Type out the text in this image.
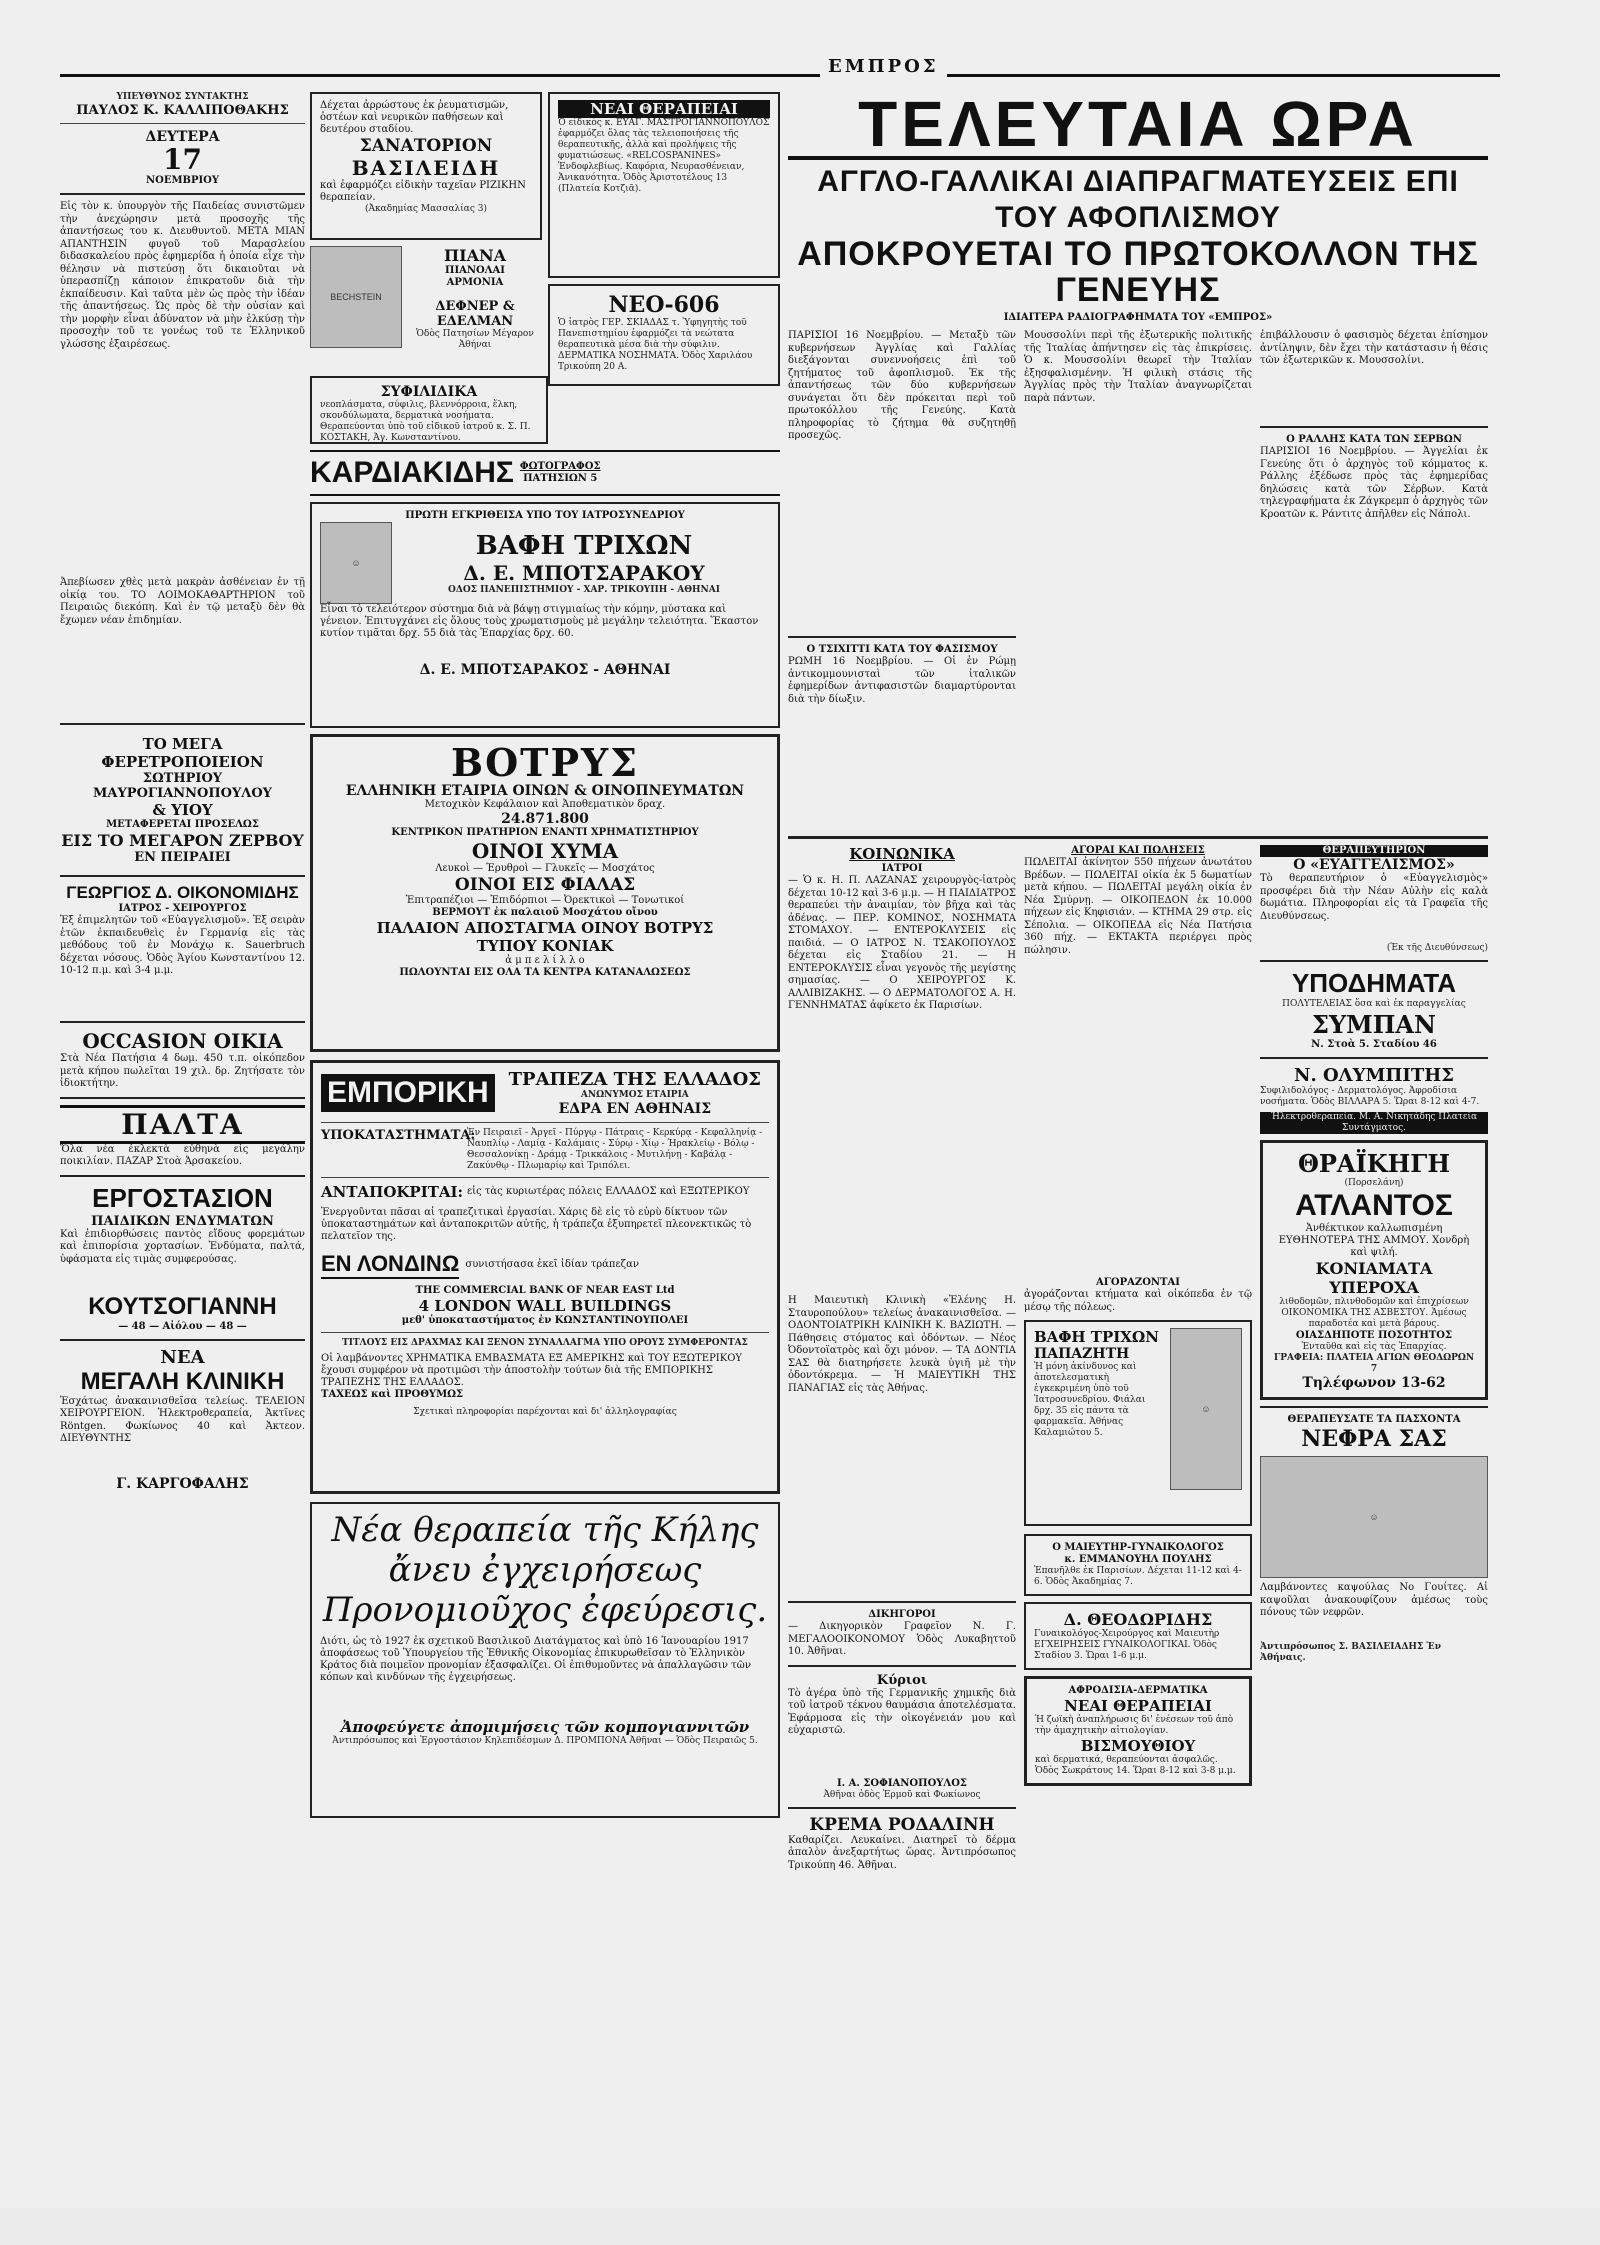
ΕΜΠΡΟΣ
ΥΠΕΥΘΥΝΟΣ ΣΥΝΤΑΚΤΗΣ
ΠΑΥΛΟΣ Κ. ΚΑΛΛΙΠΟΘΑΚΗΣ
ΔΕΥΤΕΡΑ
17
ΝΟΕΜΒΡΙΟΥ
Εἰς τὸν κ. ὑπουργὸν τῆς Παιδείας συνιστῶμεν τὴν ἀνεχώρησιν μετὰ προσοχῆς τῆς ἀπαντήσεως του κ. Διευθυντοῦ. ΜΕΤΑ ΜΙΑΝ ΑΠΑΝΤΗΣΙΝ φυγοῦ τοῦ Μαρασλείου διδασκαλείου πρὸς ἐφημερίδα ἡ ὁποία εἶχε τὴν θέλησιν νὰ πιστεύσῃ ὅτι δικαιοῦται νὰ ὑπερασπίζῃ κάποιον ἐπικρατοῦν διὰ τὴν ἐκπαίδευσιν. Καὶ ταῦτα μὲν ὡς πρὸς τὴν ἰδέαν τῆς ἀπαντήσεως. Ὡς πρὸς δὲ τὴν οὐσίαν καὶ τὴν μορφὴν εἶναι ἀδύνατον νὰ μὴν ἑλκύσῃ τὴν προσοχὴν τοῦ τε γονέως τοῦ τε Ἑλληνικοῦ γλώσσης ἐξαιρέσεως.
Ἀπεβίωσεν χθὲς μετὰ μακρὰν ἀσθένειαν ἐν τῇ οἰκίᾳ του. ΤΟ ΛΟΙΜΟΚΑΘΑΡΤΗΡΙΟΝ τοῦ Πειραιῶς διεκόπη. Καὶ ἐν τῷ μεταξὺ δὲν θὰ ἔχωμεν νέαν ἐπιδημίαν.
ΤΟ ΜΕΓΑ ΦΕΡΕΤΡΟΠΟΙΕΙΟΝ
ΣΩΤΗΡΙΟΥ ΜΑΥΡΟΓΙΑΝΝΟΠΟΥΛΟΥ
& ΥΙΟΥ
ΜΕΤΑΦΕΡΕΤΑΙ ΠΡΟΣΕΛΩΣ
ΕΙΣ ΤΟ ΜΕΓΑΡΟΝ ΖΕΡΒΟΥ
ΕΝ ΠΕΙΡΑΙΕΙ
ΓΕΩΡΓΙΟΣ Δ. ΟΙΚΟΝΟΜΙΔΗΣ
ΙΑΤΡΟΣ - ΧΕΙΡΟΥΡΓΟΣ
Ἐξ ἐπιμελητῶν τοῦ «Εὐαγγελισμοῦ». Ἐξ σειρὰν ἐτῶν ἐκπαιδευθεὶς ἐν Γερμανίᾳ εἰς τὰς μεθόδους τοῦ ἐν Μονάχῳ κ. Sauerbruch δέχεται νόσους. Ὁδὸς Ἁγίου Κωνσταντίνου 12. 10-12 π.μ. καὶ 3-4 μ.μ.
OCCASION ΟΙΚΙΑ
Στὰ Νέα Πατήσια 4 δωμ. 450 τ.π. οἰκόπεδον μετὰ κήπου πωλεῖται 19 χιλ. δρ. Ζητήσατε τὸν ἰδιοκτήτην.
ΠΑΛΤΑ
Ὅλα νέα ἐκλεκτὰ εὐθηνὰ εἰς μεγάλην ποικιλίαν. ΠΑΖΑΡ Στοὰ Ἀρσακείου.
ΕΡΓΟΣΤΑΣΙΟΝ
ΠΑΙΔΙΚΩΝ ΕΝΔΥΜΑΤΩΝ
Καὶ ἐπιδιορθώσεις παντὸς εἴδους φορεμάτων καὶ ἐπιπορίσια χορτασίων. Ἐνδύματα, παλτά, ὑφάσματα εἰς τιμὰς συμφερούσας.
ΚΟΥΤΣΟΓΙΑΝΝΗ
— 48 — Αἰόλου — 48 —
ΝΕΑ
ΜΕΓΑΛΗ ΚΛΙΝΙΚΗ
Ἐσχάτως ἀνακαινισθεῖσα τελείως. ΤΕΛΕΙΟΝ ΧΕΙΡΟΥΡΓΕΙΟΝ. Ἡλεκτροθεραπεία, Ἀκτῖνες Röntgen. Φωκίωνος 40 καὶ Ἀκτεον. ΔΙΕΥΘΥΝΤΗΣ
Γ. ΚΑΡΓΟΦΑΛΗΣ
Δέχεται ἀρρώστους ἐκ ῥευματισμῶν, ὀστέων καὶ νευρικῶν παθήσεων καὶ δευτέρου σταδίου.
ΣΑΝΑΤΟΡΙΟΝ
ΒΑΣΙΛΕΙΔΗ
καὶ ἐφαρμόζει εἰδικὴν ταχεῖαν ΡΙΖΙΚΗΝ θεραπείαν.
(Ἀκαδημίας Μασσαλίας 3)
BECHSTEIN
ΠΙΑΝΑ
ΠΙΑΝΟΛΑΙ
ΑΡΜΟΝΙΑ
ΔΕΦΝΕΡ & ΕΔΕΛΜΑΝ
Ὁδὸς Πατησίων Μέγαρον Ἀθήναι
ΝΕΑΙ ΘΕΡΑΠΕΙΑΙ
Ὁ εἰδικὸς κ. ΕΥΑΓ. ΜΑΣΤΡΟΓΙΑΝΝΟΠΟΥΛΟΣ ἐφαρμόζει ὅλας τὰς τελειοποιήσεις τῆς θεραπευτικῆς, ἀλλὰ καὶ προλήψεις τῆς φυματιώσεως. «RELCOSPANINES» Ἐνδοφλεβίως. Καφόρια, Νευρασθένειαν, Ἀνικανότητα. Ὁδὸς Ἀριστοτέλους 13 (Πλατεία Κοτζιᾶ).
ΝΕΟ-606
Ὁ ἰατρὸς ΓΕΡ. ΣΚΙΑΔΑΣ τ. Ὑφηγητὴς τοῦ Πανεπιστημίου ἐφαρμόζει τὰ νεώτατα θεραπευτικὰ μέσα διὰ τὴν σύφιλιν. ΔΕΡΜΑΤΙΚΑ ΝΟΣΗΜΑΤΑ. Ὁδὸς Χαριλάου Τρικούπη 20 Α.
ΣΥΦΙΛΙΔΙΚΑ
νεοπλάσματα, σύφιλις, βλεννόρροια, ἕλκη, σκονδύλωματα, δερματικὰ νοσήματα. Θεραπεύονται ὑπὸ τοῦ εἰδικοῦ ἰατροῦ κ. Σ. Π. ΚΟΣΤΑΚΗ, Ἀγ. Κωνσταντίνου.
ΚΑΡΔΙΑΚΙΔΗΣ ΦΩΤΟΓΡΑΦΟΣ
ΠΑΤΗΣΙΩΝ 5
ΠΡΩΤΗ ΕΓΚΡΙΘΕΙΣΑ ΥΠΟ ΤΟΥ ΙΑΤΡΟΣΥΝΕΔΡΙΟΥ
☺
ΒΑΦΗ ΤΡΙΧΩΝ
Δ. Ε. ΜΠΟΤΣΑΡΑΚΟΥ
ΟΔΟΣ ΠΑΝΕΠΙΣΤΗΜΙΟΥ - ΧΑΡ. ΤΡΙΚΟΥΠΗ - ΑΘΗΝΑΙ
Εἶναι τὸ τελειότερον σύστημα διὰ νὰ βάψῃ στιγμιαίως τὴν κόμην, μύστακα καὶ γένειον. Ἐπιτυγχάνει εἰς ὅλους τοὺς χρωματισμοὺς μὲ μεγάλην τελειότητα. Ἕκαστον κυτίον τιμᾶται δρχ. 55 διὰ τὰς Ἐπαρχίας δρχ. 60.
Δ. Ε. ΜΠΟΤΣΑΡΑΚΟΣ - ΑΘΗΝΑΙ
ΒΟΤΡΥΣ
ΕΛΛΗΝΙΚΗ ΕΤΑΙΡΙΑ ΟΙΝΩΝ & ΟΙΝΟΠΝΕΥΜΑΤΩΝ
Μετοχικὸν Κεφάλαιον καὶ Ἀποθεματικὸν δραχ.
24.871.800
ΚΕΝΤΡΙΚΟΝ ΠΡΑΤΗΡΙΟΝ ΕΝΑΝΤΙ ΧΡΗΜΑΤΙΣΤΗΡΙΟΥ
ΟΙΝΟΙ ΧΥΜΑ
Λευκοὶ — Ἐρυθροὶ — Γλυκεῖς — Μοσχάτος
ΟΙΝΟΙ ΕΙΣ ΦΙΑΛΑΣ
Ἐπιτραπέζιοι — Ἐπιδόρπιοι — Ὀρεκτικοὶ — Τονωτικοί
ΒΕΡΜΟΥΤ ἐκ παλαιοῦ Μοσχάτου οἴνου
ΠΑΛΑΙΟΝ ΑΠΟΣΤΑΓΜΑ ΟΙΝΟΥ ΒΟΤΡΥΣ
ΤΥΠΟΥ ΚΟΝΙΑΚ
ἀ μ π ε λ ί λ λ ο
ΠΩΛΟΥΝΤΑΙ ΕΙΣ ΟΛΑ ΤΑ ΚΕΝΤΡΑ ΚΑΤΑΝΑΛΩΣΕΩΣ
ΕΜΠΟΡΙΚΗ	ΤΡΑΠΕΖΑ ΤΗΣ ΕΛΛΑΔΟΣ
ΑΝΩΝΥΜΟΣ ΕΤΑΙΡΙΑ
ΕΔΡΑ ΕΝ ΑΘΗΝΑΙΣ
ΥΠΟΚΑΤΑΣΤΗΜΑΤΑ:
Ἐν Πειραιεῖ - Ἀργεῖ - Πύργῳ - Πάτραις - Κερκύρᾳ - Κεφαλληνίᾳ - Ναυπλίῳ - Λαμίᾳ - Καλάμαις - Σύρῳ - Χίῳ - Ἡρακλείῳ - Βόλῳ - Θεσσαλονίκῃ - Δράμᾳ - Τρικκάλοις - Μυτιλήνῃ - Καβάλᾳ - Ζακύνθῳ - Πλωμαρίῳ καὶ Τριπόλει.
ΑΝΤΑΠΟΚΡΙΤΑΙ: εἰς τὰς κυριωτέρας πόλεις ΕΛΛΑΔΟΣ καὶ ΕΞΩΤΕΡΙΚΟΥ
Ἐνεργοῦνται πᾶσαι αἱ τραπεζιτικαὶ ἐργασίαι. Χάρις δὲ εἰς τὸ εὐρὺ δίκτυον τῶν ὑποκαταστημάτων καὶ ἀνταποκριτῶν αὐτῆς, ἡ τράπεζα ἐξυπηρετεῖ πλεονεκτικῶς τὸ πελατεῖον της.
ΕΝ ΛΟΝΔΙΝΩ συνιστήσασα ἐκεῖ ἰδίαν τράπεζαν
THE COMMERCIAL BANK OF NEAR EAST Ltd
4 LONDON WALL BUILDINGS
μεθ' ὑποκαταστήματος ἐν ΚΩΝΣΤΑΝΤΙΝΟΥΠΟΛΕΙ
ΤΙΤΛΟΥΣ ΕΙΣ ΔΡΑΧΜΑΣ ΚΑΙ ΞΕΝΟΝ ΣΥΝΑΛΛΑΓΜΑ ΥΠΟ ΟΡΟΥΣ ΣΥΜΦΕΡΟΝΤΑΣ
Οἱ λαμβάνοντες ΧΡΗΜΑΤΙΚΑ ΕΜΒΑΣΜΑΤΑ ΕΞ ΑΜΕΡΙΚΗΣ καὶ ΤΟΥ ΕΞΩΤΕΡΙΚΟΥ ἔχουσι συμφέρον νὰ προτιμῶσι τὴν ἀποστολὴν τούτων διὰ τῆς ΕΜΠΟΡΙΚΗΣ ΤΡΑΠΕΖΗΣ ΤΗΣ ΕΛΛΑΔΟΣ.
ΤΑΧΕΩΣ καὶ ΠΡΟΘΥΜΩΣ
Σχετικαὶ πληροφορίαι παρέχονται καὶ δι' ἀλληλογραφίας
Νέα θεραπεία τῆς Κήλης
ἄνευ ἐγχειρήσεως
Προνομιοῦχος ἐφεύρεσις.
Διότι, ὡς τὸ 1927 ἐκ σχετικοῦ Βασιλικοῦ Διατάγματος καὶ ὑπὸ 16 Ἰανουαρίου 1917 ἀποφάσεως τοῦ Ὑπουργείου τῆς Ἐθνικῆς Οἰκονομίας ἐπικυρωθεῖσαν τὸ Ἑλληνικὸν Κράτος διὰ ποιμεῖον προνομίαν ἐξασφαλίζει. Οἱ ἐπιθυμοῦντες νὰ ἀπαλλαγῶσιν τῶν κόπων καὶ κινδύνων τῆς ἐγχειρήσεως.
Ἀποφεύγετε ἀπομιμήσεις τῶν κομπογιαννιτῶν
Ἀντιπρόσωπος καὶ Ἐργοστάσιον Κηλεπιδέσμων Δ. ΠΡΟΜΠΟΝΑ Ἀθῆναι — Ὁδὸς Πειραιῶς 5.
ΤΕΛΕΥΤΑΙΑ ΩΡΑ
ΑΓΓΛΟ-ΓΑΛΛΙΚΑΙ ΔΙΑΠΡΑΓΜΑΤΕΥΣΕΙΣ ΕΠΙ ΤΟΥ ΑΦΟΠΛΙΣΜΟΥ
ΑΠΟΚΡΟΥΕΤΑΙ ΤΟ ΠΡΩΤΟΚΟΛΛΟΝ ΤΗΣ ΓΕΝΕΥΗΣ
ΙΔΙΑΙΤΕΡΑ ΡΑΔΙΟΓΡΑΦΗΜΑΤΑ ΤΟΥ «ΕΜΠΡΟΣ»
ΠΑΡΙΣΙΟΙ 16 Νοεμβρίου. — Μεταξὺ τῶν κυβερνήσεων Ἀγγλίας καὶ Γαλλίας διεξάγονται συνεννοήσεις ἐπὶ τοῦ ζητήματος τοῦ ἀφοπλισμοῦ. Ἐκ τῆς ἀπαντήσεως τῶν δύο κυβερνήσεων συνάγεται ὅτι δὲν πρόκειται περὶ τοῦ πρωτοκόλλου τῆς Γενεύης. Κατὰ πληροφορίας τὸ ζήτημα θὰ συζητηθῇ προσεχῶς.
Ο ΤΣΙΧΙΤΤΙ ΚΑΤΑ ΤΟΥ ΦΑΣΙΣΜΟΥ
ΡΩΜΗ 16 Νοεμβρίου. — Οἱ ἐν Ρώμῃ ἀντικομμουνισταὶ τῶν ἰταλικῶν ἐφημερίδων ἀντιφασιστῶν διαμαρτύρονται διὰ τὴν δίωξιν.
Μουσσολίνι περὶ τῆς ἐξωτερικῆς πολιτικῆς τῆς Ἰταλίας ἀπήντησεν εἰς τὰς ἐπικρίσεις. Ὁ κ. Μουσσολίνι θεωρεῖ τὴν Ἰταλίαν ἐξησφαλισμένην. Ἡ φιλικὴ στάσις τῆς Ἀγγλίας πρὸς τὴν Ἰταλίαν ἀναγνωρίζεται παρὰ πάντων.
ἐπιβάλλουσιν ὁ φασισμὸς δέχεται ἐπίσημον ἀντίληψιν, δὲν ἔχει τὴν κατάστασιν ἡ θέσις τῶν ἐξωτερικῶν κ. Μουσσολίνι.
Ο ΡΑΛΛΗΣ ΚΑΤΑ ΤΩΝ ΣΕΡΒΩΝ
ΠΑΡΙΣΙΟΙ 16 Νοεμβρίου. — Ἀγγελίαι ἐκ Γενεύης ὅτι ὁ ἀρχηγὸς τοῦ κόμματος κ. Ράλλης ἐξέδωσε πρὸς τὰς ἐφημερίδας δηλώσεις κατὰ τῶν Σέρβων. Κατὰ τηλεγραφήματα ἐκ Ζάγκρεμπ ὁ ἀρχηγὸς τῶν Κροατῶν κ. Ράντιτς ἀπῆλθεν εἰς Νάπολι.
ΚΟΙΝΩΝΙΚΑ
ΙΑΤΡΟΙ
— Ὁ κ. Η. Π. ΛΑΖΑΝΑΣ χειρουργὸς-ἰατρὸς δέχεται 10-12 καὶ 3-6 μ.μ. — Η ΠΑΙΔΙΑΤΡΟΣ θεραπεύει τὴν ἀναιμίαν, τὸν βῆχα καὶ τὰς ἀδένας. — ΠΕΡ. ΚΟΜΙΝΟΣ, ΝΟΣΗΜΑΤΑ ΣΤΟΜΑΧΟΥ. — ΕΝΤΕΡΟΚΛΥΣΕΙΣ εἰς παιδιά. — Ο ΙΑΤΡΟΣ Ν. ΤΣΑΚΟΠΟΥΛΟΣ δέχεται εἰς Σταδίου 21. — Η ΕΝΤΕΡΟΚΛΥΣΙΣ εἶναι γεγονὸς τῆς μεγίστης σημασίας. — Ο ΧΕΙΡΟΥΡΓΟΣ Κ. ΑΛΛΙΒΙΖΑΚΗΣ. — Ο ΔΕΡΜΑΤΟΛΟΓΟΣ Α. Η. ΓΕΝΝΗΜΑΤΑΣ ἀφίκετο ἐκ Παρισίων.
Η Μαιευτικὴ Κλινικὴ «Ἐλένης Η. Σταυροπούλου» τελείως ἀνακαινισθεῖσα. — ΟΔΟΝΤΟΙΑΤΡΙΚΗ ΚΛΙΝΙΚΗ Κ. ΒΑΖΙΩΤΗ. — Πάθησεις στόματος καὶ ὀδόντων. — Νέος Ὀδοντοϊατρὸς καὶ ὄχι μόνον. — ΤΑ ΔΟΝΤΙΑ ΣΑΣ θὰ διατηρήσετε λευκὰ ὑγιῆ μὲ τὴν ὀδοντόκρεμα. — Ἡ ΜΑΙΕΥΤΙΚΗ ΤΗΣ ΠΑΝΑΓΙΑΣ εἰς τὰς Ἀθήνας.
ΔΙΚΗΓΟΡΟΙ
— Δικηγορικὸν Γραφεῖον Ν. Γ. ΜΕΓΑΛΟΟΙΚΟΝΟΜΟΥ Ὁδὸς Λυκαβηττοῦ 10. Ἀθῆναι.
Κύριοι
Τὸ ἀγέρα ὑπὸ τῆς Γερμανικῆς χημικῆς διὰ τοῦ ἰατροῦ τέκνου θαυμάσια ἀποτελέσματα. Ἐφάρμοσα εἰς τὴν οἰκογένειάν μου καὶ εὐχαριστῶ.
Ι. Α. ΣΟΦΙΑΝΟΠΟΥΛΟΣ
Ἀθῆναι ὁδὸς Ἑρμοῦ καὶ Φωκίωνος
ΚΡΕΜΑ ΡΟΔΑΛΙΝΗ
Καθαρίζει. Λευκαίνει. Διατηρεῖ τὸ δέρμα ἁπαλὸν ἀνεξαρτήτως ὥρας. Ἀντιπρόσωπος Τρικούπη 46. Ἀθῆναι.
ΑΓΟΡΑΙ ΚΑΙ ΠΩΛΗΣΕΙΣ
ΠΩΛΕΙΤΑΙ ἀκίνητον 550 πήχεων ἀνωτάτου Βρέδων. — ΠΩΛΕΙΤΑΙ οἰκία ἐκ 5 δωματίων μετὰ κήπου. — ΠΩΛΕΙΤΑΙ μεγάλη οἰκία ἐν Νέα Σμύρνῃ. — ΟΙΚΟΠΕΔΟΝ ἐκ 10.000 πήχεων εἰς Κηφισιάν. — ΚΤΗΜΑ 29 στρ. εἰς Σέπολια. — ΟΙΚΟΠΕΔΑ εἰς Νέα Πατήσια 360 πήχ. — ΕΚΤΑΚΤΑ περιέργει πρὸς πώλησιν.
ΑΓΟΡΑΖΟΝΤΑΙ
ἀγοράζονται κτήματα καὶ οἰκόπεδα ἐν τῷ μέσῳ τῆς πόλεως.
ΒΑΦΗ ΤΡΙΧΩΝ
ΠΑΠΑΖΗΤΗ
Ἡ μόνη ἀκίνδυνος καὶ ἀποτελεσματικὴ ἐγκεκριμένη ὑπὸ τοῦ Ἰατροσυνεδρίου. Φιάλαι δρχ. 35 εἰς πάντα τὰ φαρμακεῖα. Ἀθήνας Καλαμιώτου 5.
☺
Ο ΜΑΙΕΥΤΗΡ-ΓΥΝΑΙΚΟΛΟΓΟΣ
κ. ΕΜΜΑΝΟΥΗΛ ΠΟΥΛΗΣ
Ἐπανῆλθε ἐκ Παρισίων. Δέχεται 11-12 καὶ 4-6. Ὁδὸς Ἀκαδημίας 7.
Δ. ΘΕΟΔΩΡΙΔΗΣ
Γυναικολόγος-Χειρούργος καὶ Μαιευτὴρ ΕΓΧΕΙΡΗΣΕΙΣ ΓΥΝΑΙΚΟΛΟΓΙΚΑΙ. Ὁδὸς Σταδίου 3. Ὥραι 1-6 μ.μ.
ΑΦΡΟΔΙΣΙΑ-ΔΕΡΜΑΤΙΚΑ
ΝΕΑΙ ΘΕΡΑΠΕΙΑΙ
Ἡ ζωϊκὴ ἀναπλήρωσις δι' ἐνέσεων τοῦ ἀπὸ τὴν ἀμαχητικὴν αἰτιολογίαν.
ΒΙΣΜΟΥΘΙΟΥ
καὶ δερματικά, θεραπεύονται ἀσφαλῶς. Ὁδὸς Σωκράτους 14. Ὥραι 8-12 καὶ 3-8 μ.μ.
ΘΕΡΑΠΕΥΤΗΡΙΟΝ
Ο «ΕΥΑΓΓΕΛΙΣΜΟΣ»
Τὸ θεραπευτήριον ὁ «Εὐαγγελισμὸς» προσφέρει διὰ τὴν Νέαν Αὐλὴν εἰς καλὰ δωμάτια. Πληροφορίαι εἰς τὰ Γραφεῖα τῆς Διευθύνσεως.
(Ἐκ τῆς Διευθύνσεως)
ΥΠΟΔΗΜΑΤΑ
ΠΟΛΥΤΕΛΕΙΑΣ ὅσα καὶ ἐκ παραγγελίας
ΣΥΜΠΑΝ
Ν. Στοὰ 5. Σταδίου 46
Ν. ΟΛΥΜΠΙΤΗΣ
Συφιλιδολόγος - Δερματολόγος. Ἀφροδίσια νοσήματα. Ὁδὸς ΒΙΛΛΑΡΑ 5. Ὥραι 8-12 καὶ 4-7.
Ἠλεκτροθεραπεία. Μ. Α. Νικητάδης Πλατεία Συντάγματος.
ΘΡΑΪΚΗΓΗ
(Πορσελάνη)
ΑΤΛΑΝΤΟΣ
Ἀνθέκτικον καλλωπισμένη ΕΥΘΗΝΟΤΕΡΑ ΤΗΣ ΑΜΜΟΥ. Χονδρὴ καὶ ψιλή.
ΚΟΝΙΑΜΑΤΑ ΥΠΕΡΟΧΑ
λιθοδομῶν, πλινθοδομῶν καὶ ἐπιχρίσεων ΟΙΚΟΝΟΜΙΚΑ ΤΗΣ ΑΣΒΕΣΤΟΥ. Ἀμέσως παραδοτέα καὶ μετὰ βάρους.
ΟΙΑΣΔΗΠΟΤΕ ΠΟΣΟΤΗΤΟΣ
Ἐνταῦθα καὶ εἰς τὰς Ἐπαρχίας.
ΓΡΑΦΕΙΑ: ΠΛΑΤΕΙΑ ΑΓΙΩΝ ΘΕΟΔΩΡΩΝ 7
Τηλέφωνον 13-62
ΘΕΡΑΠΕΥΣΑΤΕ ΤΑ ΠΑΣΧΟΝΤΑ
ΝΕΦΡΑ ΣΑΣ
☺
Λαμβάνοντες καψούλας Νο Γουίτες. Αἱ καψοῦλαι ἀνακουφίζουν ἀμέσως τοὺς πόνους τῶν νεφρῶν.
Ἀντιπρόσωπος Σ. ΒΑΣΙΛΕΙΑΔΗΣ Ἐν Ἀθήναις.
